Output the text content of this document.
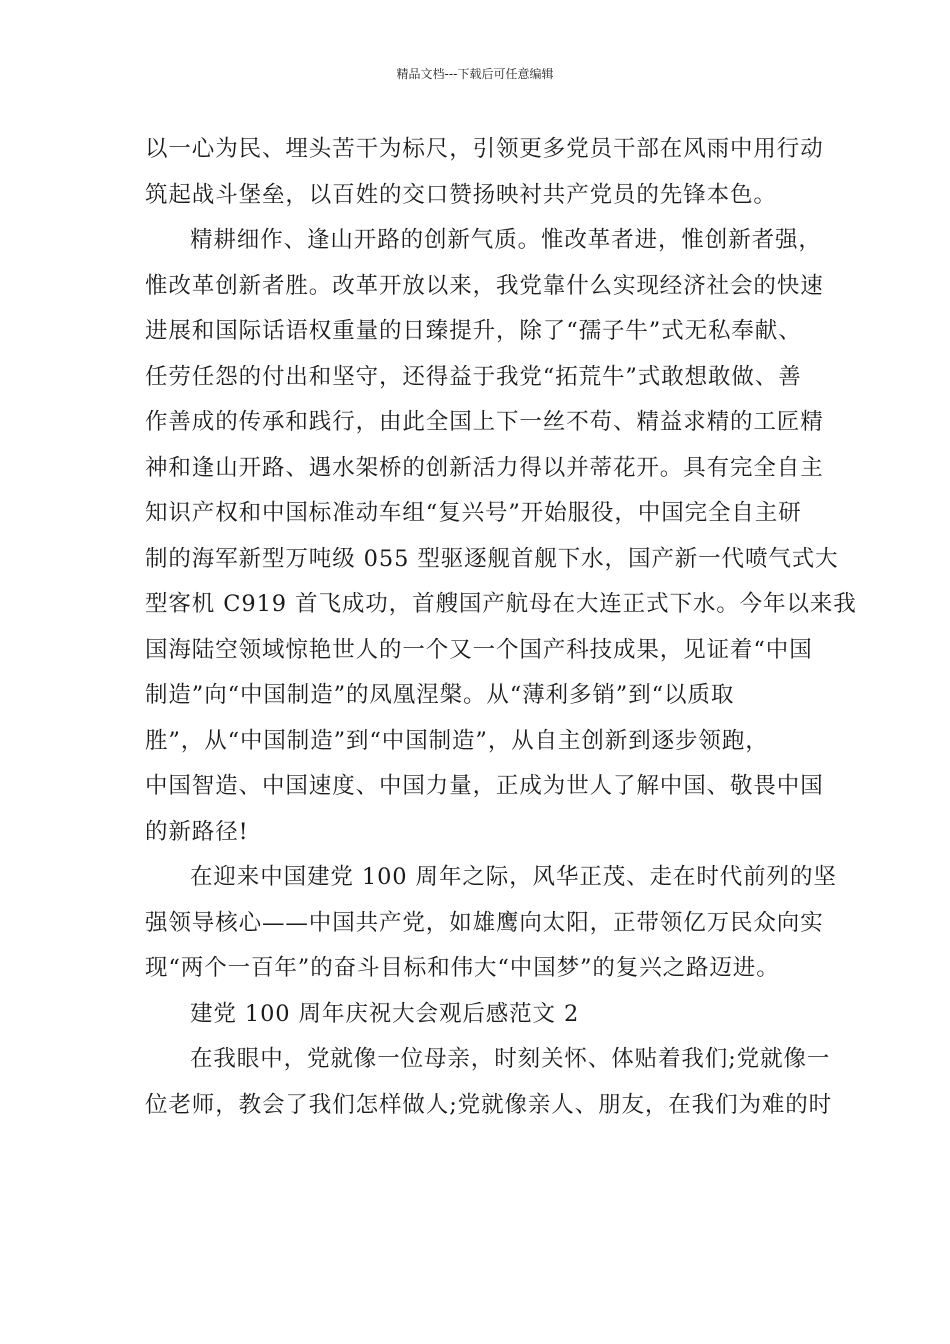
精品文档---下载后可任意编辑
以一心为民、埋头苦干为标尺，引领更多党员干部在风雨中用行动
筑起战斗堡垒，以百姓的交口赞扬映衬共产党员的先锋本色。
精耕细作、逢山开路的创新气质。惟改革者进，惟创新者强，
惟改革创新者胜。改革开放以来，我党靠什么实现经济社会的快速
进展和国际话语权重量的日臻提升，除了“孺子牛”式无私奉献、
任劳任怨的付出和坚守，还得益于我党“拓荒牛”式敢想敢做、善
作善成的传承和践行，由此全国上下一丝不苟、精益求精的工匠精
神和逢山开路、遇水架桥的创新活力得以并蒂花开。具有完全自主
知识产权和中国标准动车组“复兴号”开始服役，中国完全自主研
制的海军新型万吨级 055 型驱逐舰首舰下水，国产新一代喷气式大
型客机 C919 首飞成功，首艘国产航母在大连正式下水。今年以来我
国海陆空领域惊艳世人的一个又一个国产科技成果，见证着“中国
制造”向“中国制造”的凤凰涅槃。从“薄利多销”到“以质取
胜”，从“中国制造”到“中国制造”，从自主创新到逐步领跑，
中国智造、中国速度、中国力量，正成为世人了解中国、敬畏中国
的新路径!
在迎来中国建党 100 周年之际，风华正茂、走在时代前列的坚
强领导核心——中国共产党，如雄鹰向太阳，正带领亿万民众向实
现“两个一百年”的奋斗目标和伟大“中国梦”的复兴之路迈进。
建党 100 周年庆祝大会观后感范文 2
在我眼中，党就像一位母亲，时刻关怀、体贴着我们;党就像一
位老师，教会了我们怎样做人;党就像亲人、朋友，在我们为难的时
